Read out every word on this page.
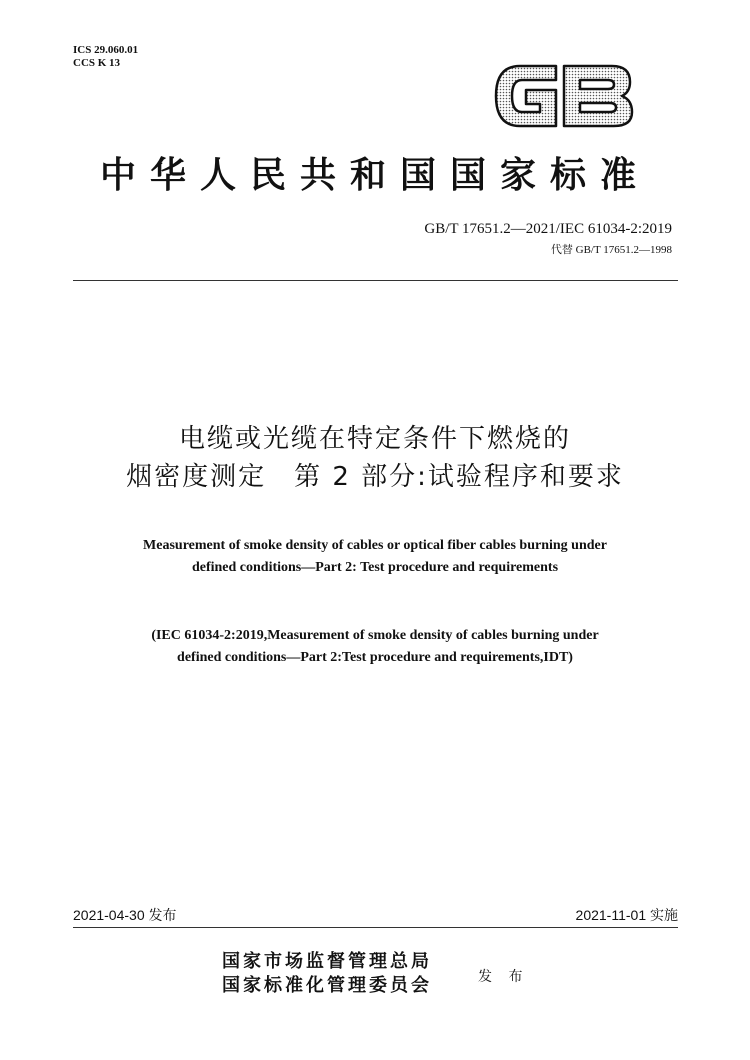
ICS 29.060.01
CCS K 13
中华人民共和国国家标准
GB/T 17651.2—2021/IEC 61034-2:2019
代替 GB/T 17651.2—1998
电缆或光缆在特定条件下燃烧的
烟密度测定　第 2 部分:试验程序和要求
Measurement of smoke density of cables or optical fiber cables burning under
defined conditions—Part 2: Test procedure and requirements
(IEC 61034-2:2019,Measurement of smoke density of cables burning under
defined conditions—Part 2:Test procedure and requirements,IDT)
2021-04-30 发布	2021-11-01 实施
国家市场监督管理总局
国家标准化管理委员会	发 布
